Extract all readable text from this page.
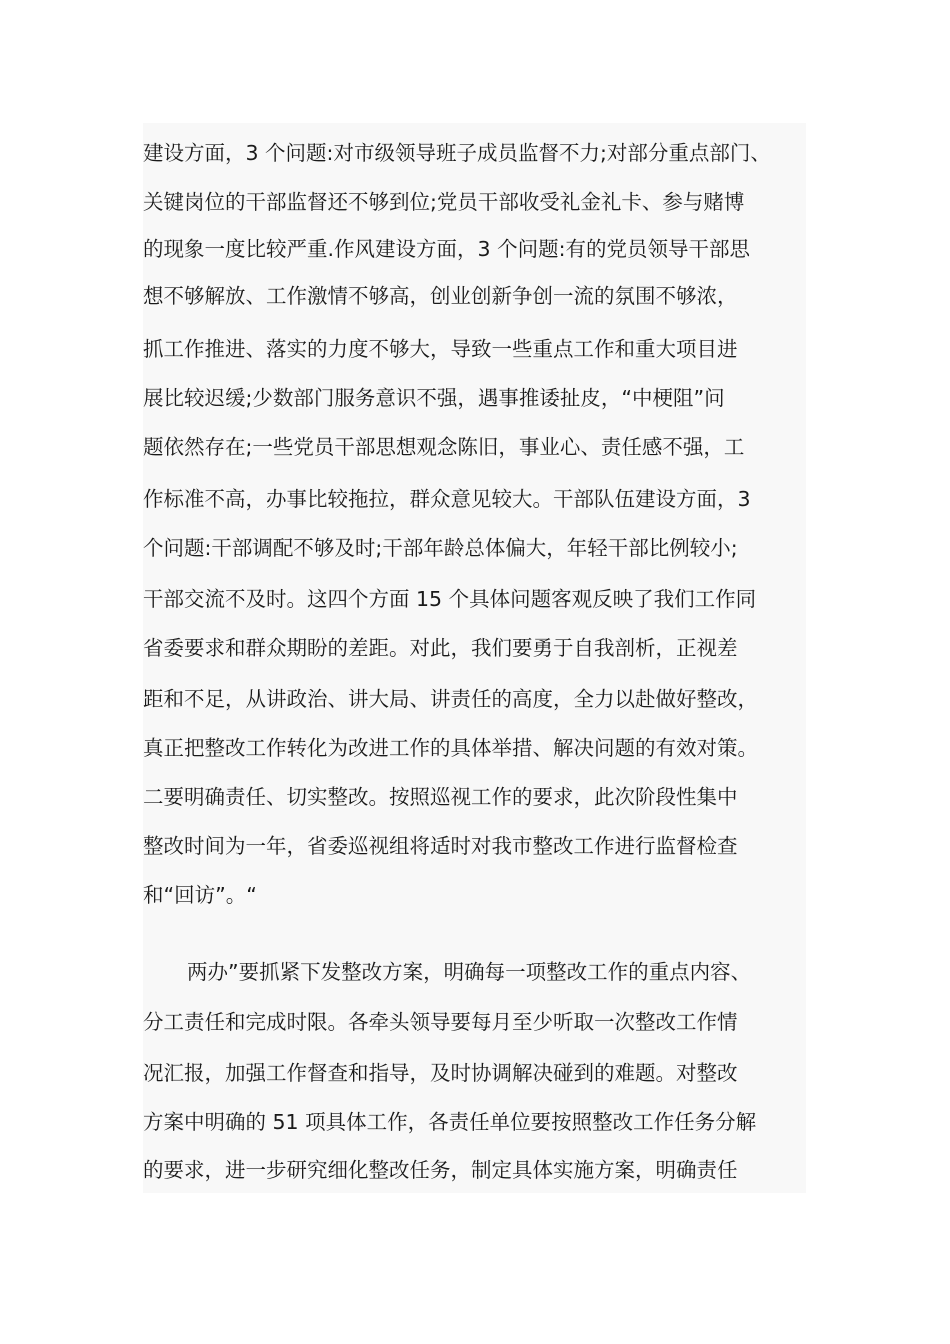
建设方面，3 个问题:对市级领导班子成员监督不力;对部分重点部门、
关键岗位的干部监督还不够到位;党员干部收受礼金礼卡、参与赌博
的现象一度比较严重.作风建设方面，3 个问题:有的党员领导干部思
想不够解放、工作激情不够高，创业创新争创一流的氛围不够浓，
抓工作推进、落实的力度不够大，导致一些重点工作和重大项目进
展比较迟缓;少数部门服务意识不强，遇事推诿扯皮，“中梗阻”问
题依然存在;一些党员干部思想观念陈旧，事业心、责任感不强，工
作标准不高，办事比较拖拉，群众意见较大。干部队伍建设方面，3
个问题:干部调配不够及时;干部年龄总体偏大，年轻干部比例较小;
干部交流不及时。这四个方面 15 个具体问题客观反映了我们工作同
省委要求和群众期盼的差距。对此，我们要勇于自我剖析，正视差
距和不足，从讲政治、讲大局、讲责任的高度，全力以赴做好整改，
真正把整改工作转化为改进工作的具体举措、解决问题的有效对策。
二要明确责任、切实整改。按照巡视工作的要求，此次阶段性集中
整改时间为一年，省委巡视组将适时对我市整改工作进行监督检查
和“回访”。“
两办”要抓紧下发整改方案，明确每一项整改工作的重点内容、
分工责任和完成时限。各牵头领导要每月至少听取一次整改工作情
况汇报，加强工作督查和指导，及时协调解决碰到的难题。对整改
方案中明确的 51 项具体工作，各责任单位要按照整改工作任务分解
的要求，进一步研究细化整改任务，制定具体实施方案，明确责任
